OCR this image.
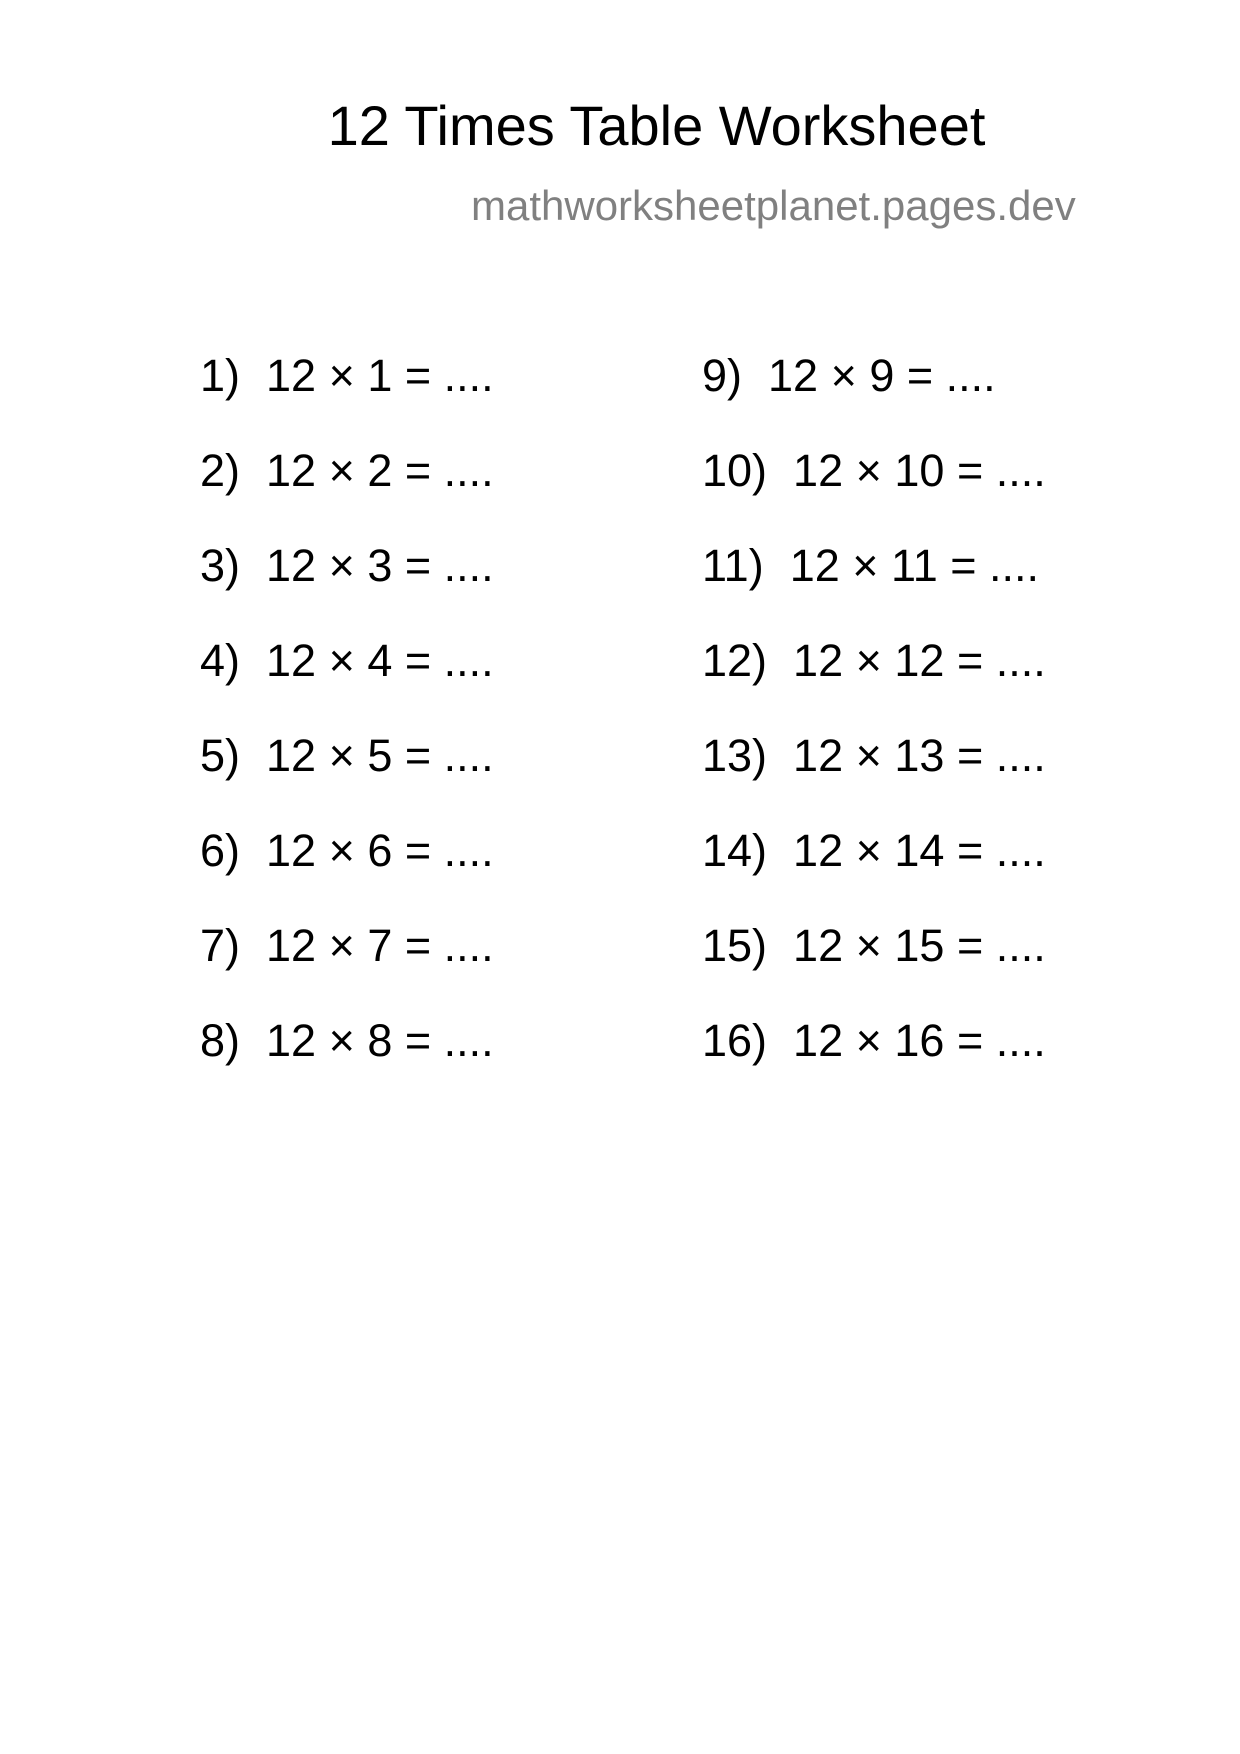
12 Times Table Worksheet
mathworksheetplanet.pages.dev
1) 12 × 1 = ....
2) 12 × 2 = ....
3) 12 × 3 = ....
4) 12 × 4 = ....
5) 12 × 5 = ....
6) 12 × 6 = ....
7) 12 × 7 = ....
8) 12 × 8 = ....
9) 12 × 9 = ....
10) 12 × 10 = ....
11) 12 × 11 = ....
12) 12 × 12 = ....
13) 12 × 13 = ....
14) 12 × 14 = ....
15) 12 × 15 = ....
16) 12 × 16 = ....
